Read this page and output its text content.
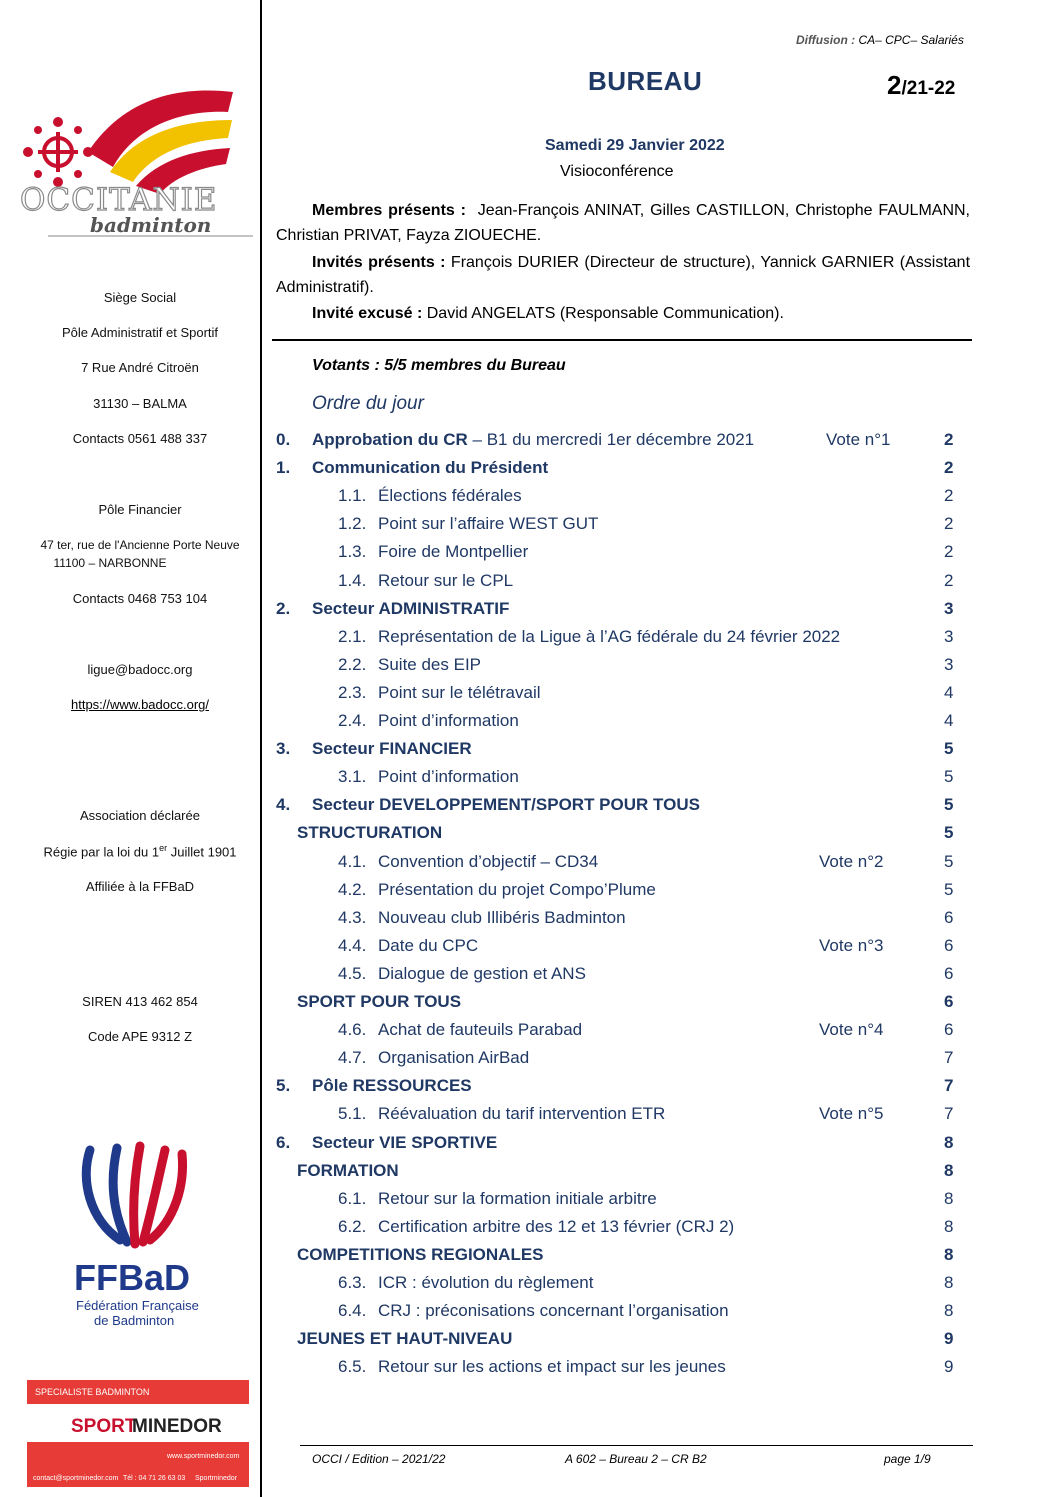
OCCITANIE
badminton
Siège Social
Pôle Administratif et Sportif
7 Rue André Citroën
31130 – BALMA
Contacts 0561 488 337
Pôle Financier
47 ter, rue de l'Ancienne Porte Neuve
11100 – NARBONNE
Contacts 0468 753 104
ligue@badocc.org
https://www.badocc.org/
Association déclarée
Régie par la loi du 1er Juillet 1901
Affiliée à la FFBaD
SIREN 413 462 854
Code APE 9312 Z
FFBaD
Fédération Française
de Badminton
SPECIALISTE BADMINTON
SPORT
MINEDOR
www.sportminedor.com
contact@sportminedor.com Tél : 04 71 26 63 03 Sportminedor
Diffusion : CA– CPC– Salariés
BUREAU	2/21-22
Samedi 29 Janvier 2022
Visioconférence
Membres présents : Jean-François ANINAT, Gilles CASTILLON, Christophe FAULMANN, Christian PRIVAT, Fayza ZIOUECHE.
Invités présents : François DURIER (Directeur de structure), Yannick GARNIER (Assistant Administratif).
Invité excusé : David ANGELATS (Responsable Communication).
Votants : 5/5 membres du Bureau
Ordre du jour
0. Approbation du CR – B1 du mercredi 1er décembre 2021	Vote n°1	2
1. Communication du Président	2
1.1. Élections fédérales	2
1.2. Point sur l’affaire WEST GUT	2
1.3. Foire de Montpellier	2
1.4. Retour sur le CPL	2
2. Secteur ADMINISTRATIF	3
2.1. Représentation de la Ligue à l’AG fédérale du 24 février 2022	3
2.2. Suite des EIP	3
2.3. Point sur le télétravail	4
2.4. Point d’information	4
3. Secteur FINANCIER	5
3.1. Point d’information	5
4. Secteur DEVELOPPEMENT/SPORT POUR TOUS	5
STRUCTURATION	5
4.1. Convention d’objectif – CD34	Vote n°2	5
4.2. Présentation du projet Compo’Plume	5
4.3. Nouveau club Illibéris Badminton	6
4.4. Date du CPC	Vote n°3	6
4.5. Dialogue de gestion et ANS	6
SPORT POUR TOUS	6
4.6. Achat de fauteuils Parabad	Vote n°4	6
4.7. Organisation AirBad	7
5. Pôle RESSOURCES	7
5.1. Réévaluation du tarif intervention ETR	Vote n°5	7
6. Secteur VIE SPORTIVE	8
FORMATION	8
6.1. Retour sur la formation initiale arbitre	8
6.2. Certification arbitre des 12 et 13 février (CRJ 2)	8
COMPETITIONS REGIONALES	8
6.3. ICR : évolution du règlement	8
6.4. CRJ : préconisations concernant l’organisation	8
JEUNES ET HAUT-NIVEAU	9
6.5. Retour sur les actions et impact sur les jeunes	9
OCCI / Edition – 2021/22	A 602 – Bureau 2 – CR B2	page 1/9
